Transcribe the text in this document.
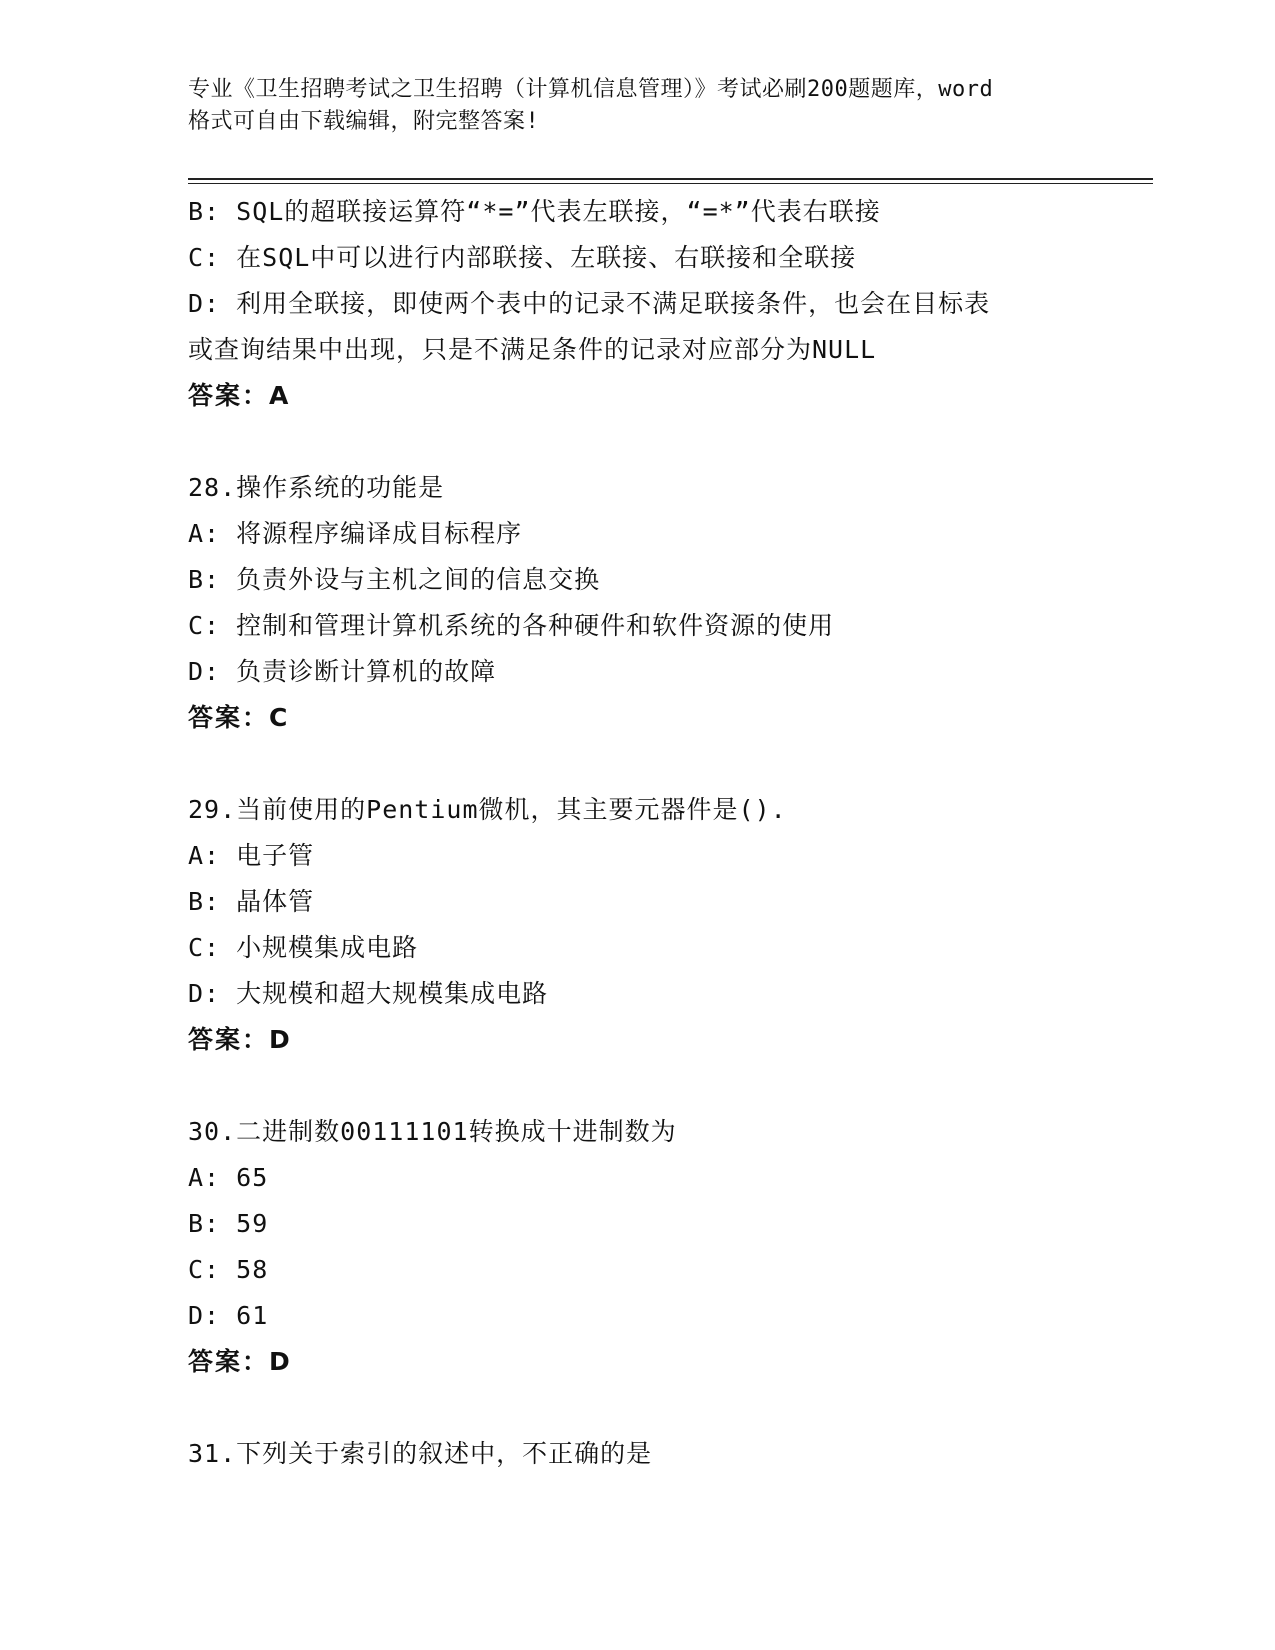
专业《卫生招聘考试之卫生招聘（计算机信息管理）》考试必刷200题题库，word
格式可自由下载编辑，附完整答案!
B: SQL的超联接运算符“*=”代表左联接，“=*”代表右联接
C: 在SQL中可以进行内部联接、左联接、右联接和全联接
D: 利用全联接，即使两个表中的记录不满足联接条件，也会在目标表
或查询结果中出现，只是不满足条件的记录对应部分为NULL
答案：A
28.操作系统的功能是
A: 将源程序编译成目标程序
B: 负责外设与主机之间的信息交换
C: 控制和管理计算机系统的各种硬件和软件资源的使用
D: 负责诊断计算机的故障
答案：C
29.当前使用的Pentium微机，其主要元器件是().
A: 电子管
B: 晶体管
C: 小规模集成电路
D: 大规模和超大规模集成电路
答案：D
30.二进制数00111101转换成十进制数为
A: 65
B: 59
C: 58
D: 61
答案：D
31.下列关于索引的叙述中，不正确的是
